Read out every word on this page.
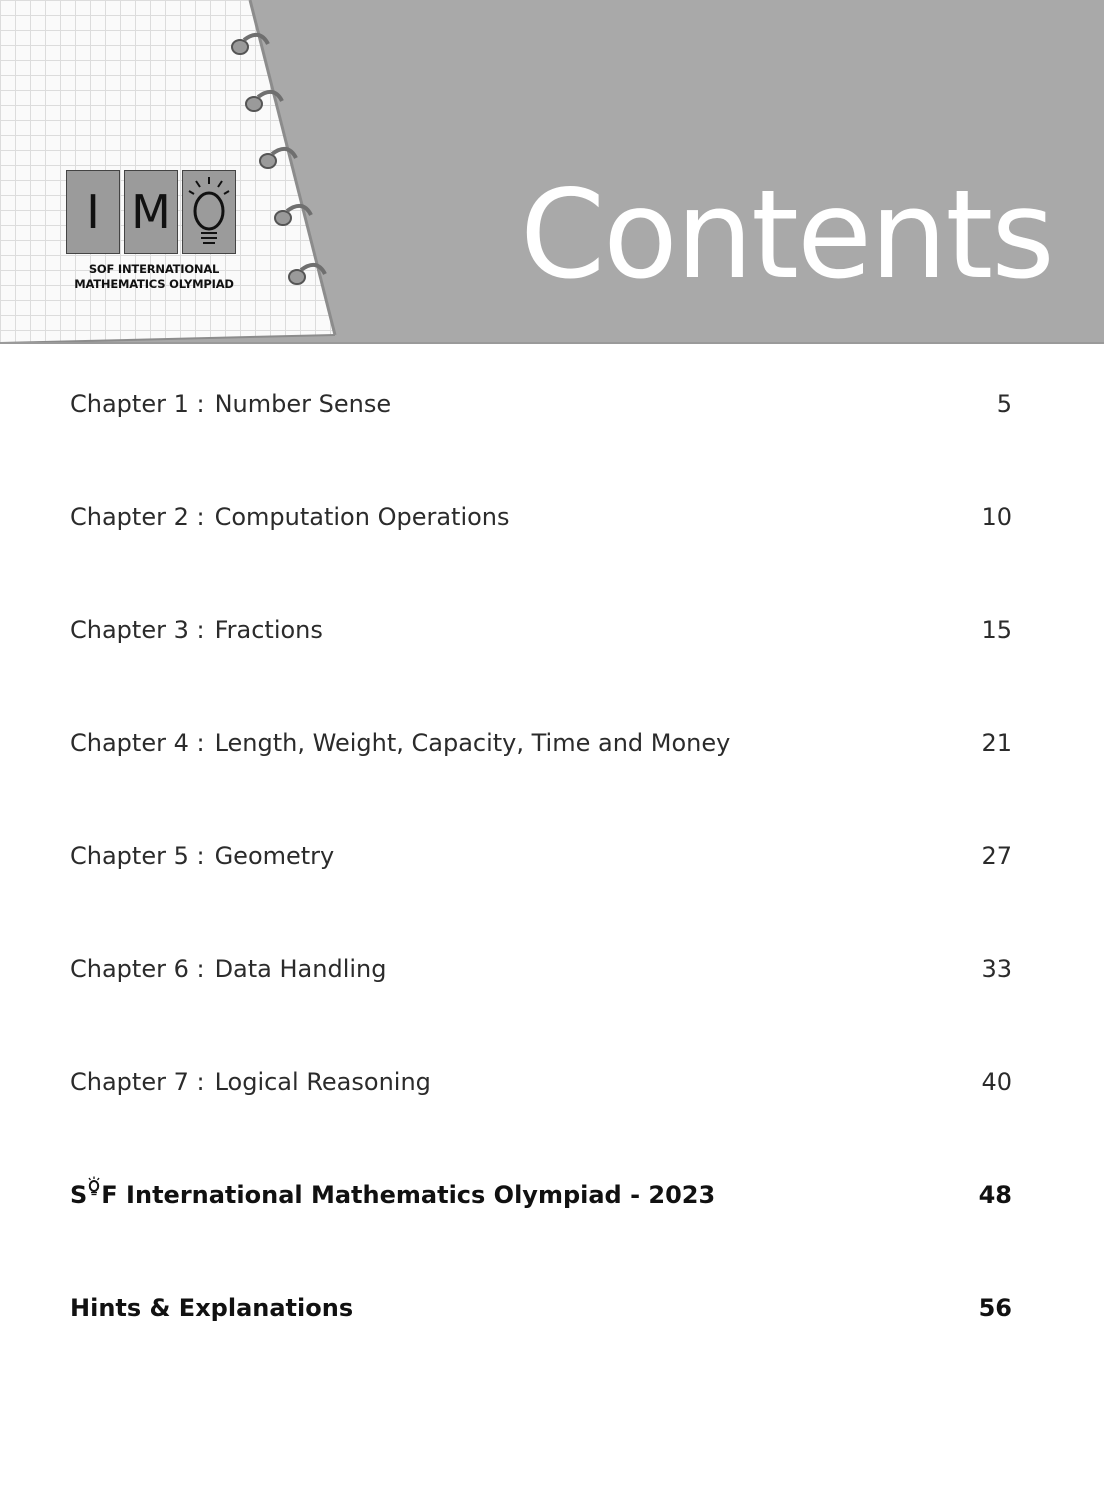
I M
SOF INTERNATIONAL
MATHEMATICS OLYMPIAD Contents
Chapter 1 : Number Sense	5
Chapter 2 : Computation Operations	10
Chapter 3 : Fractions	15
Chapter 4 : Length, Weight, Capacity, Time and Money	21
Chapter 5 : Geometry	27
Chapter 6 : Data Handling	33
Chapter 7 : Logical Reasoning	40
S F International Mathematics Olympiad - 2023	48
Hints & Explanations	56
